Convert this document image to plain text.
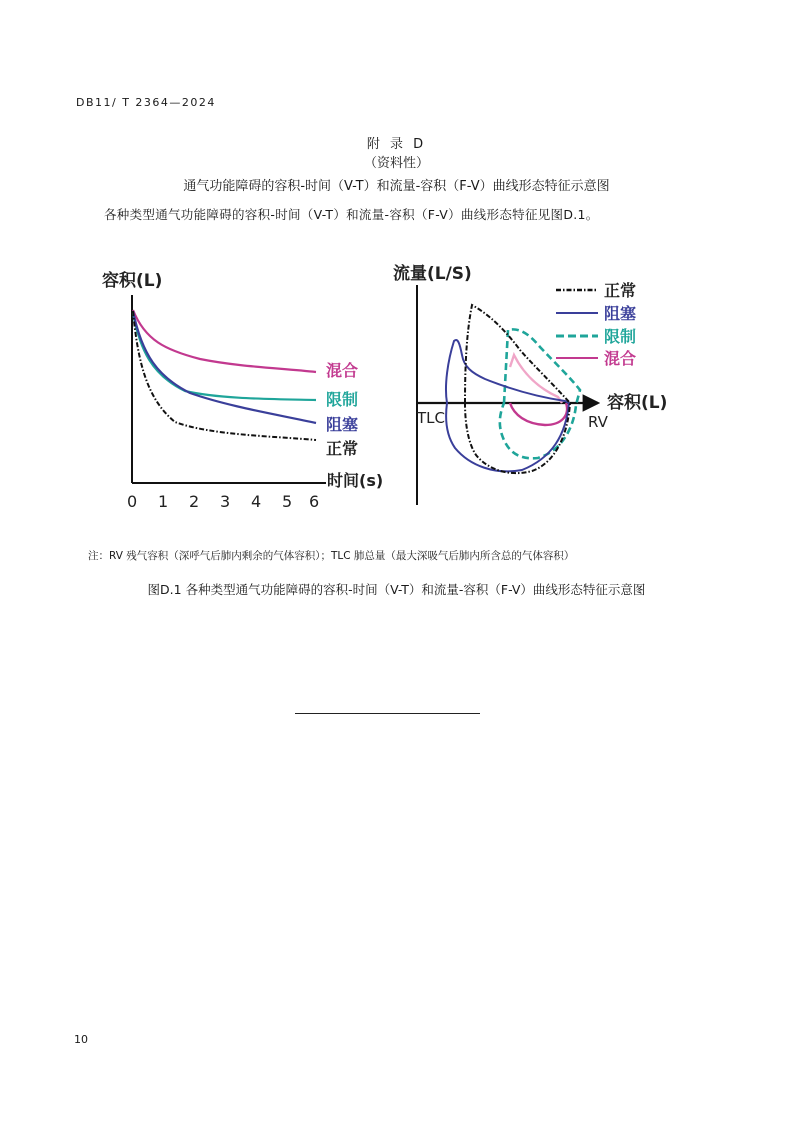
DB11/ T 2364—2024
附 录 D
（资料性）
通气功能障碍的容积-时间（V-T）和流量-容积（F-V）曲线形态特征示意图
各种类型通气功能障碍的容积-时间（V-T）和流量-容积（F-V）曲线形态特征见图D.1。
容积(L)
时间(s)
0 1 2 3 4 5 6
混合
限制
阻塞
正常
流量(L/S)
容积(L)
TLC	RV
正常
阻塞
限制
混合
注：RV 残气容积（深呼气后肺内剩余的气体容积）；TLC 肺总量（最大深吸气后肺内所含总的气体容积）
图D.1 各种类型通气功能障碍的容积-时间（V-T）和流量-容积（F-V）曲线形态特征示意图
10
